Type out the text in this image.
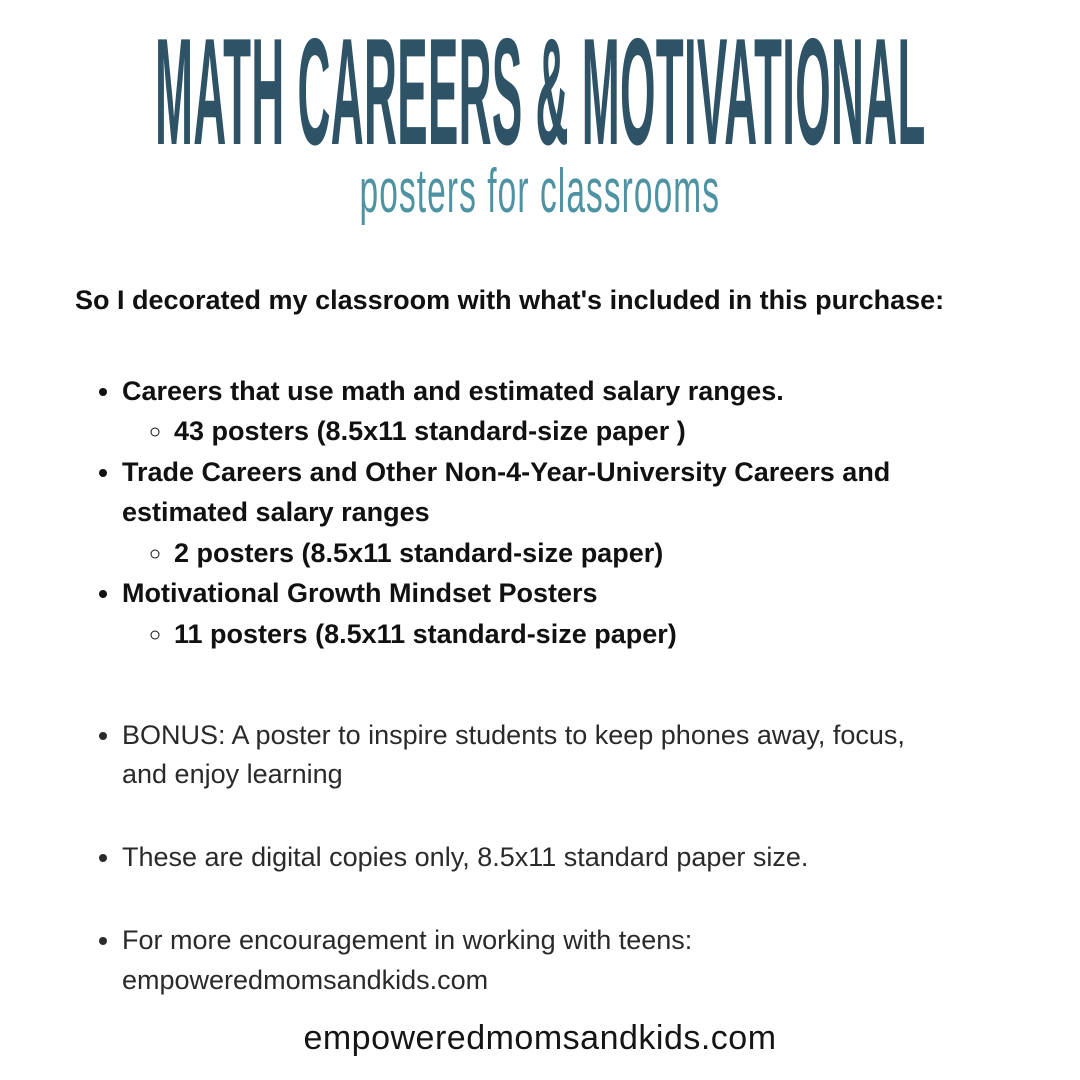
MATH CAREERS & MOTIVATIONAL
posters for classrooms

So I decorated my classroom with what's included in this purchase:

• Careers that use math and estimated salary ranges.
◦ 43 posters (8.5x11 standard-size paper )
• Trade Careers and Other Non-4-Year-University Careers and estimated salary ranges
◦ 2 posters (8.5x11 standard-size paper)
• Motivational Growth Mindset Posters
◦ 11 posters (8.5x11 standard-size paper)
• BONUS: A poster to inspire students to keep phones away, focus, and enjoy learning
• These are digital copies only, 8.5x11 standard paper size.
• For more encouragement in working with teens: empoweredmomsandkids.com
empoweredmomsandkids.com
